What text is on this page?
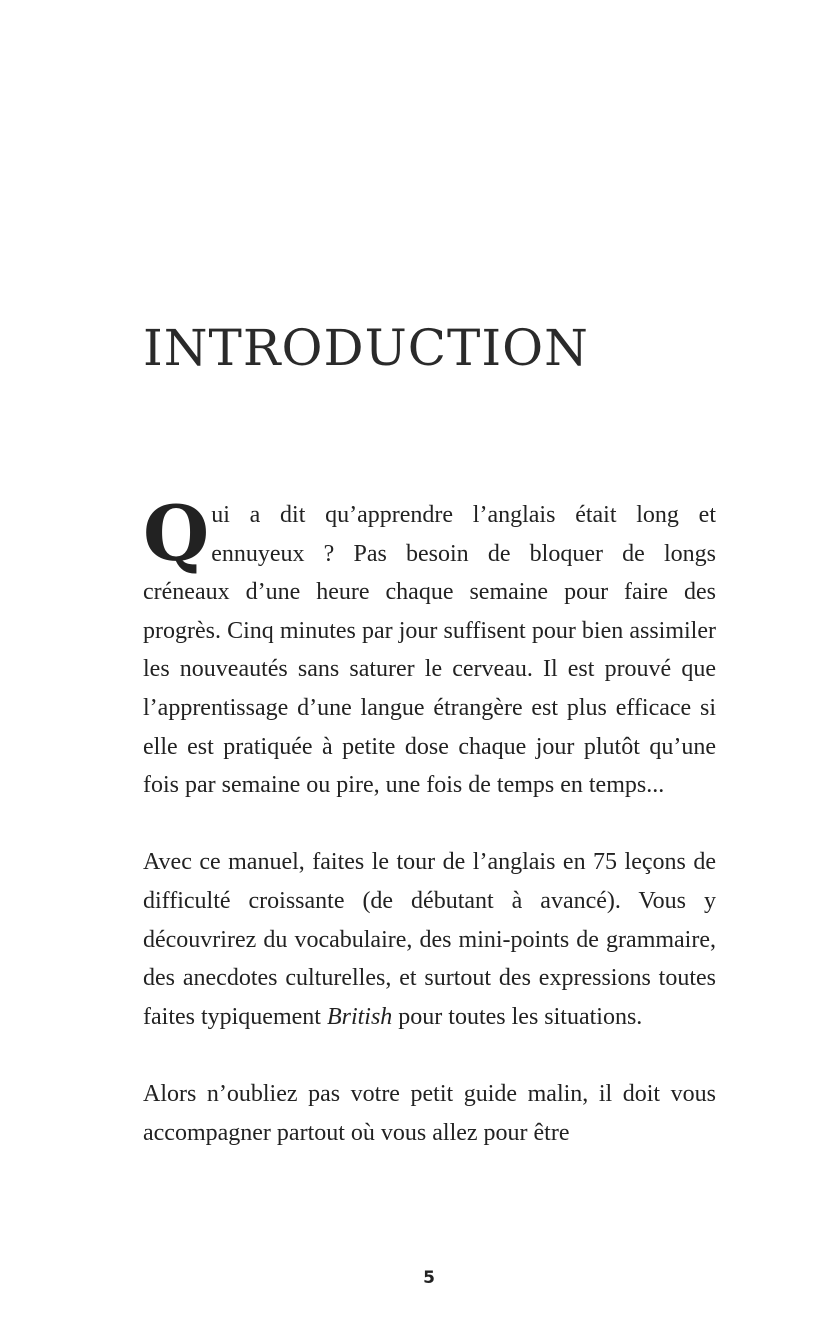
INTRODUCTION

Qui a dit qu’apprendre l’anglais était long et ennuyeux ? Pas besoin de bloquer de longs créneaux d’une heure chaque semaine pour faire des progrès. Cinq minutes par jour suffisent pour bien assimiler les nouveautés sans saturer le cerveau. Il est prouvé que l’apprentissage d’une langue étrangère est plus efficace si elle est pratiquée à petite dose chaque jour plutôt qu’une fois par semaine ou pire, une fois de temps en temps...

Avec ce manuel, faites le tour de l’anglais en 75 leçons de difficulté croissante (de débutant à avancé). Vous y découvrirez du vocabulaire, des mini-points de grammaire, des anecdotes culturelles, et surtout des expressions toutes faites typiquement British pour toutes les situations.

Alors n’oubliez pas votre petit guide malin, il doit vous accompagner partout où vous allez pour être

5
